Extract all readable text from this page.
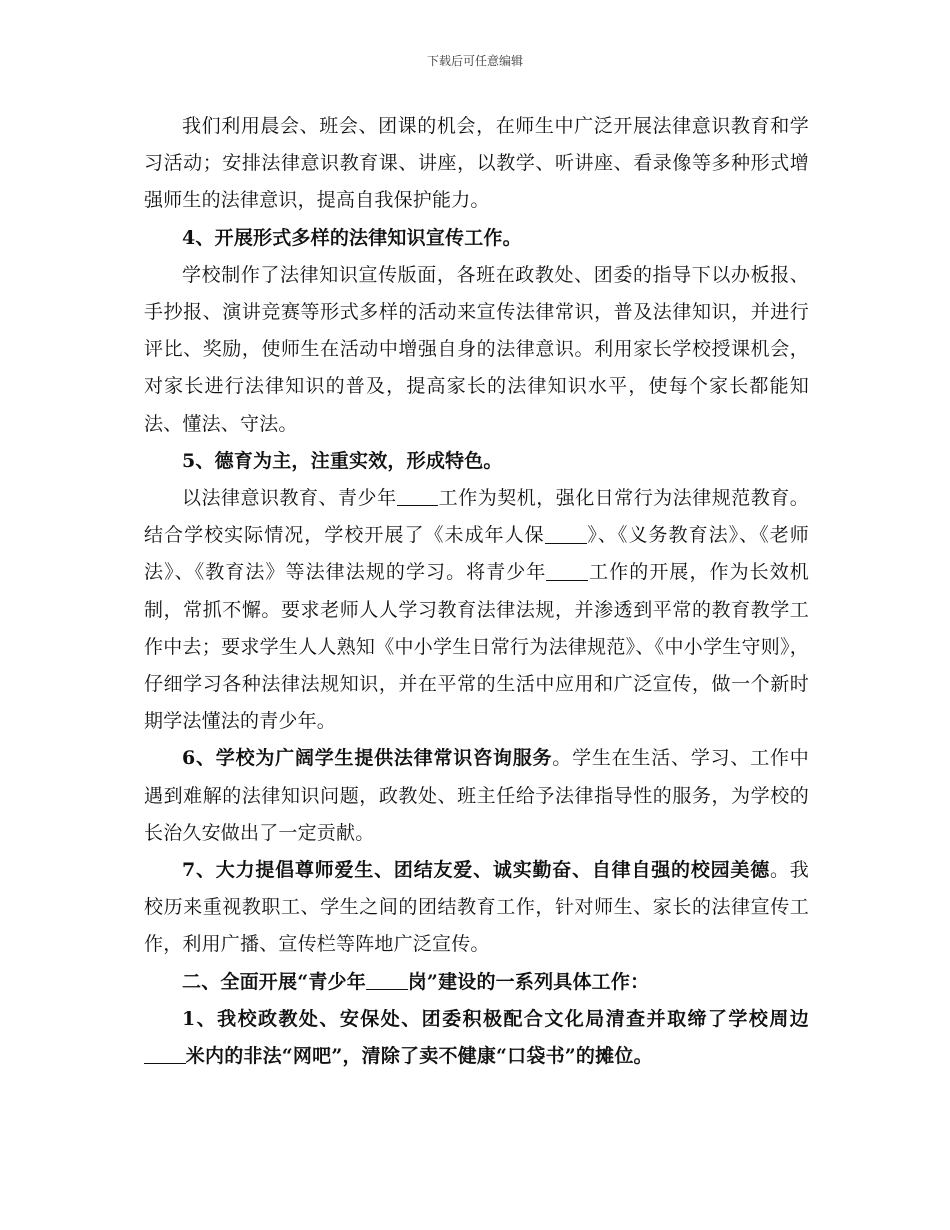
下载后可任意编辑

我们利用晨会、班会、团课的机会，在师生中广泛开展法律意识教育和学习活动；安排法律意识教育课、讲座，以教学、听讲座、看录像等多种形式增强师生的法律意识，提高自我保护能力。

4、开展形式多样的法律知识宣传工作。

学校制作了法律知识宣传版面，各班在政教处、团委的指导下以办板报、手抄报、演讲竞赛等形式多样的活动来宣传法律常识，普及法律知识，并进行评比、奖励，使师生在活动中增强自身的法律意识。利用家长学校授课机会，对家长进行法律知识的普及，提高家长的法律知识水平，使每个家长都能知法、懂法、守法。

5、德育为主，注重实效，形成特色。

以法律意识教育、青少年 工作为契机，强化日常行为法律规范教育。结合学校实际情况，学校开展了《未成年人保 》、《义务教育法》、《老师法》、《教育法》等法律法规的学习。将青少年 工作的开展，作为长效机制，常抓不懈。要求老师人人学习教育法律法规，并渗透到平常的教育教学工作中去；要求学生人人熟知《中小学生日常行为法律规范》、《中小学生守则》，仔细学习各种法律法规知识，并在平常的生活中应用和广泛宣传，做一个新时期学法懂法的青少年。

6、学校为广阔学生提供法律常识咨询服务。学生在生活、学习、工作中遇到难解的法律知识问题，政教处、班主任给予法律指导性的服务，为学校的长治久安做出了一定贡献。

7、大力提倡尊师爱生、团结友爱、诚实勤奋、自律自强的校园美德。我校历来重视教职工、学生之间的团结教育工作，针对师生、家长的法律宣传工作，利用广播、宣传栏等阵地广泛宣传。

二、全面开展“青少年 岗”建设的一系列具体工作：

1、我校政教处、安保处、团委积极配合文化局清查并取缔了学校周边米内的非法“网吧”，清除了卖不健康“口袋书”的摊位。
